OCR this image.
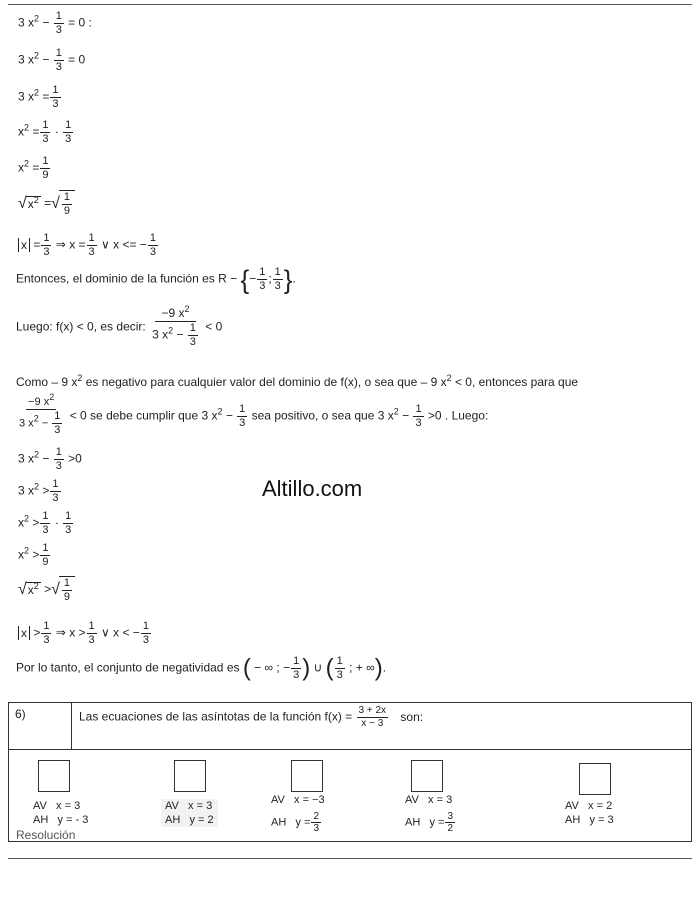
3 $x^2 - \frac{1}{3} = 0$ :
3 $x^2 - \frac{1}{3} = 0$
3 $x^2 = \frac{1}{3}$
$x^2 = \frac{1}{3} \cdot \frac{1}{3}$
$x^2 = \frac{1}{9}$
√ $x^2$ = √ $\frac{1}{9}$
$x = \frac{1}{3}$ ⇒ $x = \frac{1}{3}$ ∨ x <= − $\frac{1}{3}$
Entonces, el dominio de la función es R − {− $\frac{1}{3}$ ; $\frac{1}{3}$ }.
Luego: f(x) < 0, es decir: $\frac{-9 x^2}{3 x^2 - \frac{1}{3}} < 0$
Como – 9 $x^2$ es negativo para cualquier valor del dominio de f(x), o sea que – 9 $x^2 < 0$, entonces para que
$\frac{-9 x^2}{3 x^2 - \frac{1}{3}} < 0$ se debe cumplir que 3 $x^2 - \frac{1}{3}$ sea positivo, o sea que 3 $x^2 - \frac{1}{3} >0$ . Luego:
3 $x^2 - \frac{1}{3} >0$
3 $x^2 > \frac{1}{3}$	Altillo.com
$x^2 > \frac{1}{3} \cdot \frac{1}{3}$
$x^2 > \frac{1}{9}$
√ $x^2$ > √ $\frac{1}{9}$
$x > \frac{1}{3}$ ⇒ $x > \frac{1}{3}$ ∨ x < − $\frac{1}{3}$
Por lo tanto, el conjunto de negatividad es ( − ∞ ; − $\frac{1}{3}$ ) ∪ ( $\frac{1}{3}$ ; + ∞).
6)	Las ecuaciones de las asíntotas de la función $f(x) = \frac{3 + 2x}{x - 3}$ son:
AV x = 3
AH y = - 3
AV x = 3
AH y = 2
AV x = −3
AH $y = \frac{2}{3}$
AV x = 3
AH $y = \frac{3}{2}$
AV x = 2
AH y = 3
Resolución
